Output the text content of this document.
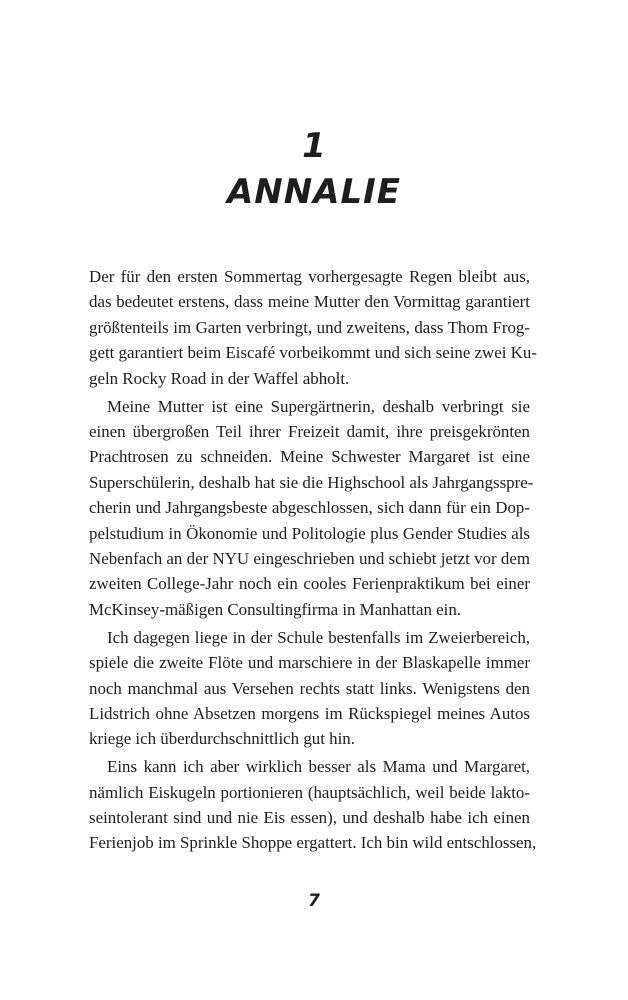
1
ANNALIE

Der für den ersten Sommertag vorhergesagte Regen bleibt aus,
das bedeutet erstens, dass meine Mutter den Vormittag garantiert
größtenteils im Garten verbringt, und zweitens, dass Thom Frog-
gett garantiert beim Eiscafé vorbeikommt und sich seine zwei Ku-
geln Rocky Road in der Waffel abholt.

Meine Mutter ist eine Supergärtnerin, deshalb verbringt sie
einen übergroßen Teil ihrer Freizeit damit, ihre preisgekrönten
Prachtrosen zu schneiden. Meine Schwester Margaret ist eine
Superschülerin, deshalb hat sie die Highschool als Jahrgangsspre-
cherin und Jahrgangsbeste abgeschlossen, sich dann für ein Dop-
pelstudium in Ökonomie und Politologie plus Gender Studies als
Nebenfach an der NYU eingeschrieben und schiebt jetzt vor dem
zweiten College-Jahr noch ein cooles Ferienpraktikum bei einer
McKinsey-mäßigen Consultingfirma in Manhattan ein.

Ich dagegen liege in der Schule bestenfalls im Zweierbereich,
spiele die zweite Flöte und marschiere in der Blaskapelle immer
noch manchmal aus Versehen rechts statt links. Wenigstens den
Lidstrich ohne Absetzen morgens im Rückspiegel meines Autos
kriege ich überdurchschnittlich gut hin.

Eins kann ich aber wirklich besser als Mama und Margaret,
nämlich Eiskugeln portionieren (hauptsächlich, weil beide lakto-
seintolerant sind und nie Eis essen), und deshalb habe ich einen
Ferienjob im Sprinkle Shoppe ergattert. Ich bin wild entschlossen,

7
